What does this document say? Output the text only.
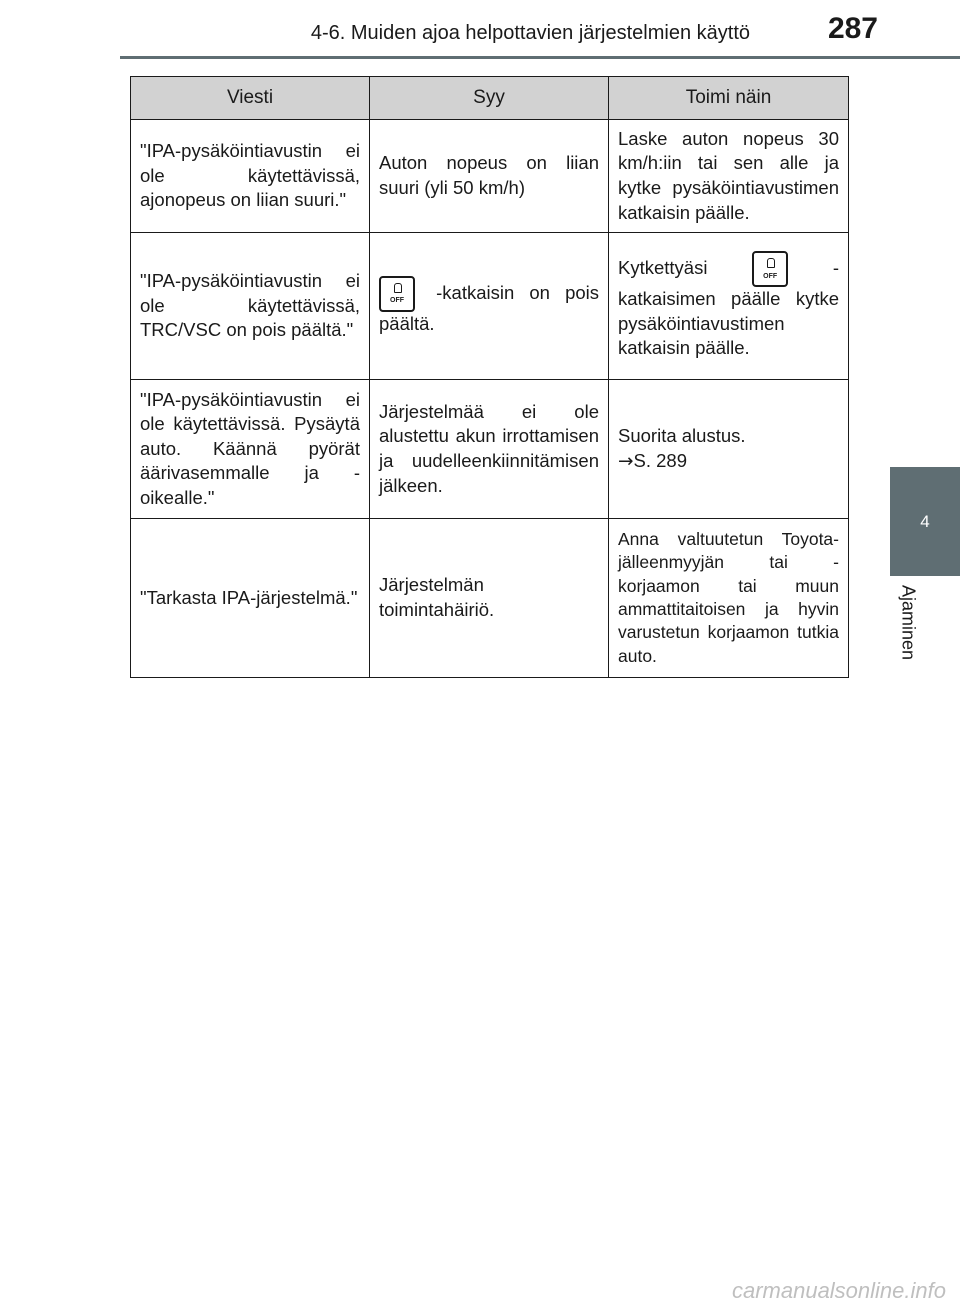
4-6. Muiden ajoa helpottavien järjestelmien käyttö	287
4
Ajaminen
Viesti	Syy	Toimi näin
"IPA-pysäköintiavustin ei ole käytettävissä, ajonopeus on liian suuri."	Auton nopeus on liian suuri (yli 50 km/h)	Laske auton nopeus 30 km/h:iin tai sen alle ja kytke pysäköintiavustimen katkaisin päälle.
"IPA-pysäköintiavustin ei ole käytettävissä, TRC/VSC on pois päältä."	OFF -katkaisin on pois päältä.	Kytkettyäsi OFF -katkaisimen päälle kytke pysäköintiavustimen katkaisin päälle.
"IPA-pysäköintiavustin ei ole käytettävissä. Pysäytä auto. Käännä pyörät äärivasemmalle ja -oikealle."	Järjestelmää ei ole alustettu akun irrottamisen ja uudelleenkiinnitämisen jälkeen.	Suorita alustus.
→S. 289

"Tarkasta IPA-järjestelmä."	Järjestelmän toimintahäiriö.	Anna valtuutetun Toyota-jälleenmyyjän tai -korjaamon tai muun ammattitaitoisen ja hyvin varustetun korjaamon tutkia auto.
carmanualsonline.info
